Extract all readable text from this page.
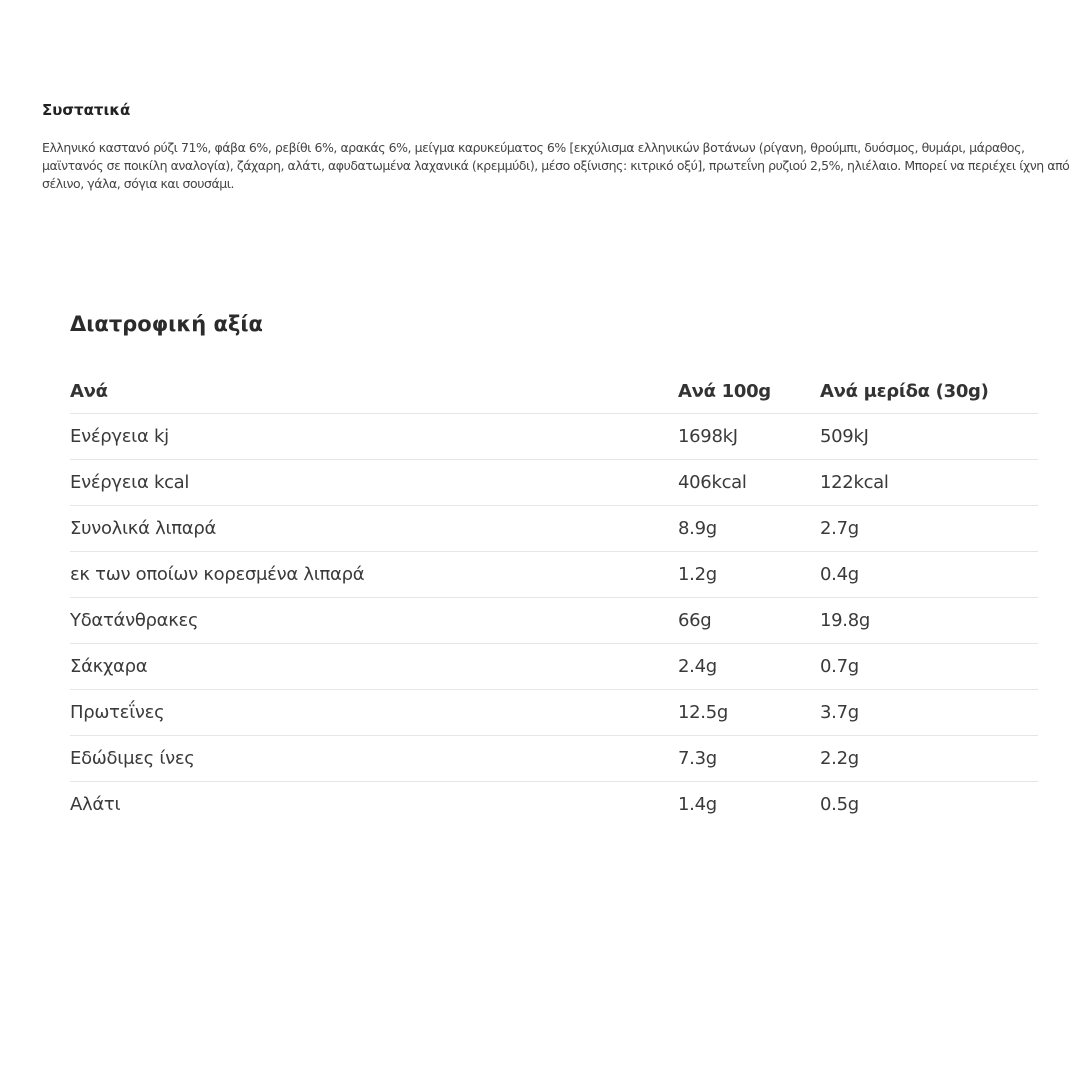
Συστατικά

Ελληνικό καστανό ρύζι 71%, φάβα 6%, ρεβίθι 6%, αρακάς 6%, μείγμα καρυκεύματος 6% [εκχύλισμα ελληνικών βοτάνων (ρίγανη, θρούμπι, δυόσμος, θυμάρι, μάραθος, μαϊντανός σε ποικίλη αναλογία), ζάχαρη, αλάτι, αφυδατωμένα λαχανικά (κρεμμύδι), μέσο οξίνισης: κιτρικό οξύ], πρωτεΐνη ρυζιού 2,5%, ηλιέλαιο. Μπορεί να περιέχει ίχνη από σέλινο, γάλα, σόγια και σουσάμι.

Διατροφική αξία
Ανά	Ανά 100g	Ανά μερίδα (30g)
Ενέργεια kj	1698kJ	509kJ
Ενέργεια kcal	406kcal	122kcal
Συνολικά λιπαρά	8.9g	2.7g
εκ των οποίων κορεσμένα λιπαρά	1.2g	0.4g
Υδατάνθρακες	66g	19.8g
Σάκχαρα	2.4g	0.7g
Πρωτεΐνες	12.5g	3.7g
Εδώδιμες ίνες	7.3g	2.2g
Αλάτι	1.4g	0.5g
